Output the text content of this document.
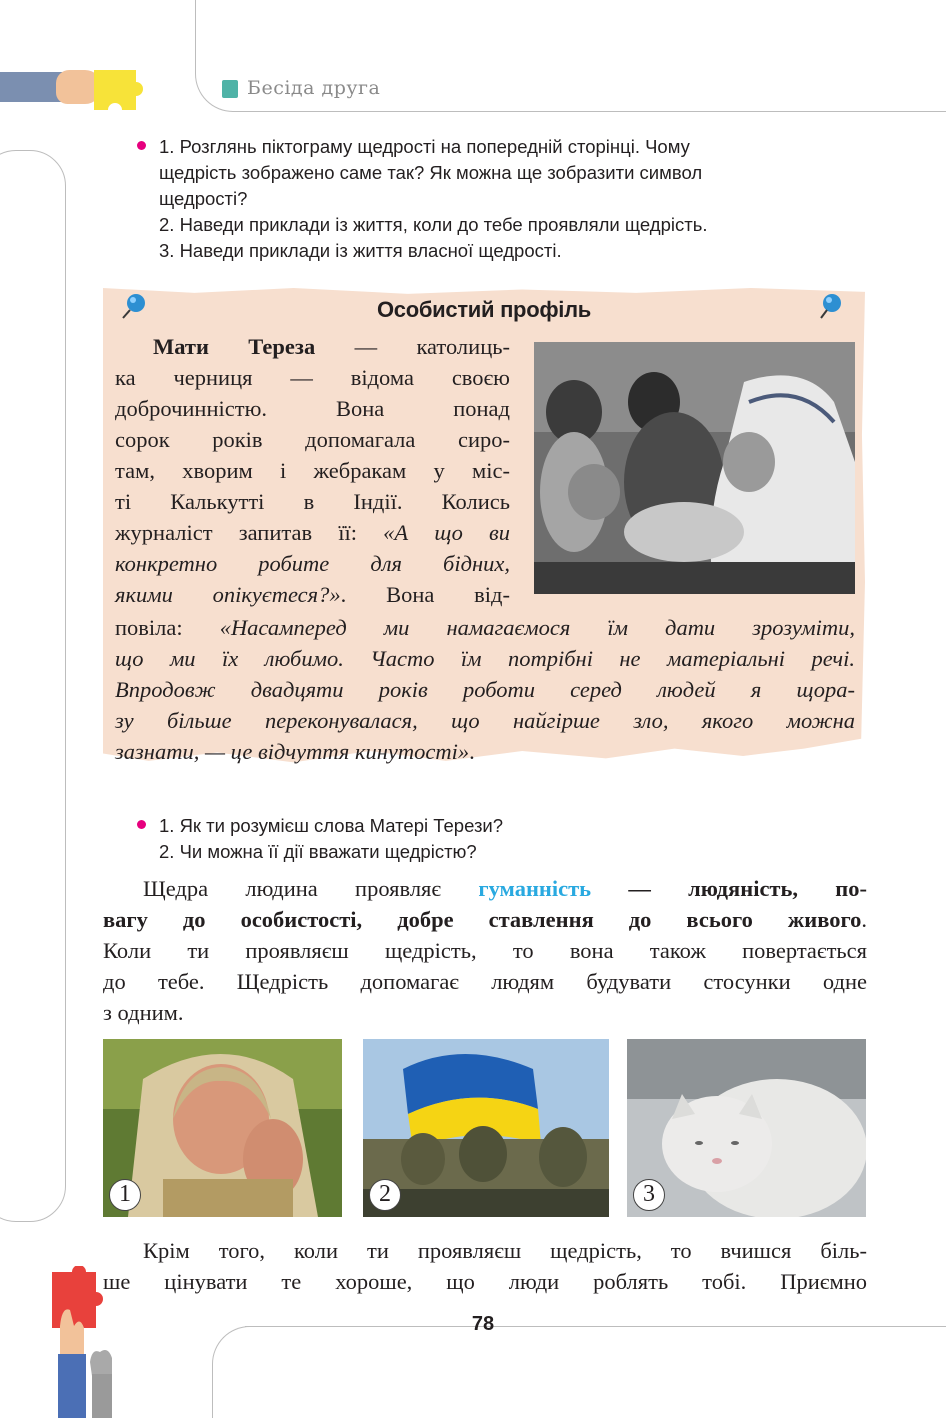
Бесіда друга
1. Розглянь піктограму щедрості на попередній сторінці. Чому
щедрість зображено саме так? Як можна ще зобразити символ
щедрості?
2. Наведи приклади із життя, коли до тебе проявляли щедрість.
3. Наведи приклади із життя власної щедрості.
Особистий профіль
Мати Тереза — католиць-
ка черниця — відома своєю
доброчинністю. Вона понад
сорок років допомагала сиро-
там, хворим і жебракам у міс-
ті Калькутті в Індії. Колись
журналіст запитав її: «А що ви
конкретно робите для бідних,
якими опікуєтеся?». Вона від-
повіла: «Насамперед ми намагаємося їм дати зрозуміти,
що ми їх любимо. Часто їм потрібні не матеріальні речі.
Впродовж двадцяти років роботи серед людей я щора-
зу більше переконувалася, що найгірше зло, якого можна
зазнати, — це відчуття кинутості».
1. Як ти розумієш слова Матері Терези?
2. Чи можна її дії вважати щедрістю?
Щедра людина проявляє гуманність — людяність, по-
вагу до особистості, добре ставлення до всього живого.
Коли ти проявляєш щедрість, то вона також повертається
до тебе. Щедрість допомагає людям будувати стосунки одне
з одним.
1	2	3
Крім того, коли ти проявляєш щедрість, то вчишся біль-
ше цінувати те хороше, що люди роблять тобі. Приємно
78
